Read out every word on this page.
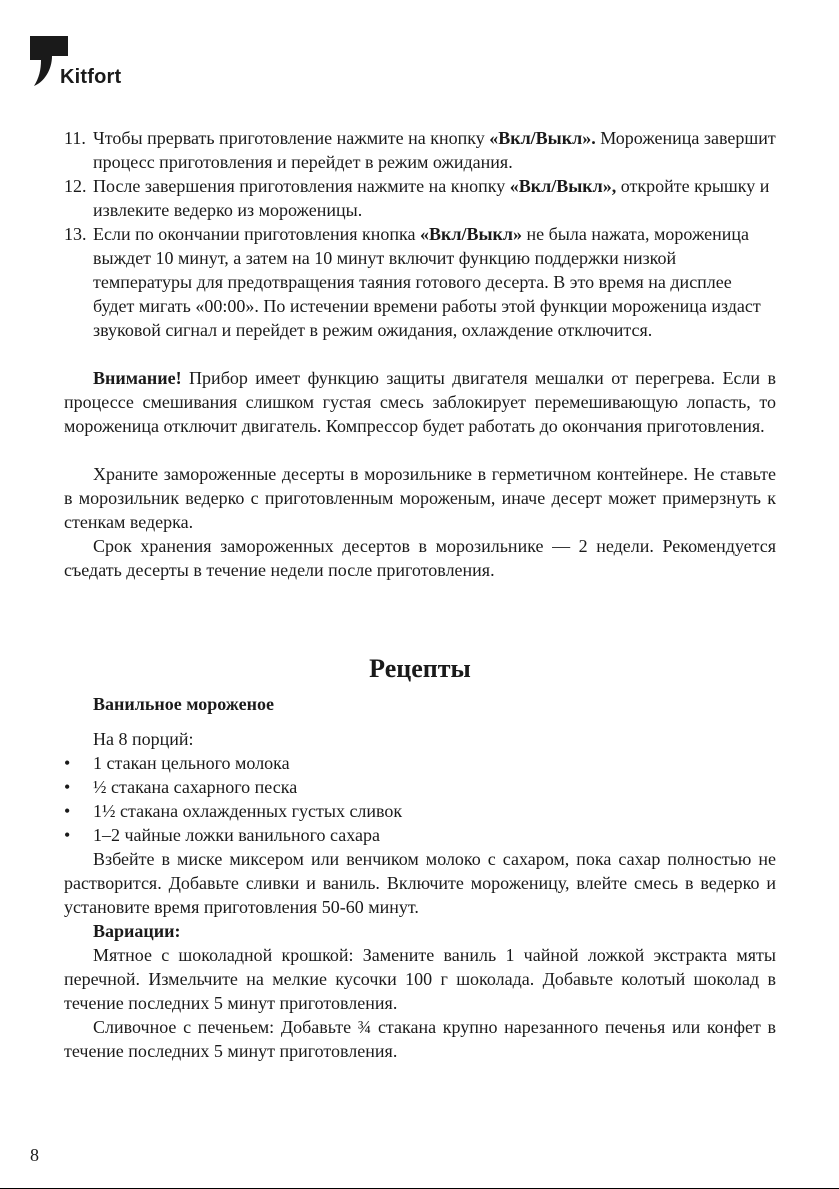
Kitfort
11. Чтобы прервать приготовление нажмите на кнопку «Вкл/Выкл». Мороженица завершит процесс приготовления и перейдет в режим ожидания.
12. После завершения приготовления нажмите на кнопку «Вкл/Выкл», откройте крышку и извлеките ведерко из мороженицы.
13. Если по окончании приготовления кнопка «Вкл/Выкл» не была нажата, мороженица выждет 10 минут, а затем на 10 минут включит функцию поддержки низкой температуры для предотвращения таяния готового десерта. В это время на дисплее будет мигать «00:00». По истечении времени работы этой функции мороженица издаст звуковой сигнал и перейдет в режим ожидания, охлаждение отключится.

Внимание! Прибор имеет функцию защиты двигателя мешалки от перегрева. Если в процессе смешивания слишком густая смесь заблокирует перемешивающую лопасть, то мороженица отключит двигатель. Компрессор будет работать до окончания приготовления.

Храните замороженные десерты в морозильнике в герметичном контейнере. Не ставьте в морозильник ведерко с приготовленным мороженым, иначе десерт может примерзнуть к стенкам ведерка.

Срок хранения замороженных десертов в морозильнике — 2 недели. Рекомендуется съедать десерты в течение недели после приготовления.

Рецепты
Ванильное мороженое

На 8 порций:

• 1 стакан цельного молока
• ½ стакана сахарного песка
• 1½ стакана охлажденных густых сливок
• 1–2 чайные ложки ванильного сахара

Взбейте в миске миксером или венчиком молоко с сахаром, пока сахар полностью не растворится. Добавьте сливки и ваниль. Включите мороженицу, влейте смесь в ведерко и установите время приготовления 50-60 минут.

Вариации:

Мятное с шоколадной крошкой: Замените ваниль 1 чайной ложкой экстракта мяты перечной. Измельчите на мелкие кусочки 100 г шоколада. Добавьте колотый шоколад в течение последних 5 минут приготовления.

Сливочное с печеньем: Добавьте ¾ стакана крупно нарезанного печенья или конфет в течение последних 5 минут приготовления.

8
